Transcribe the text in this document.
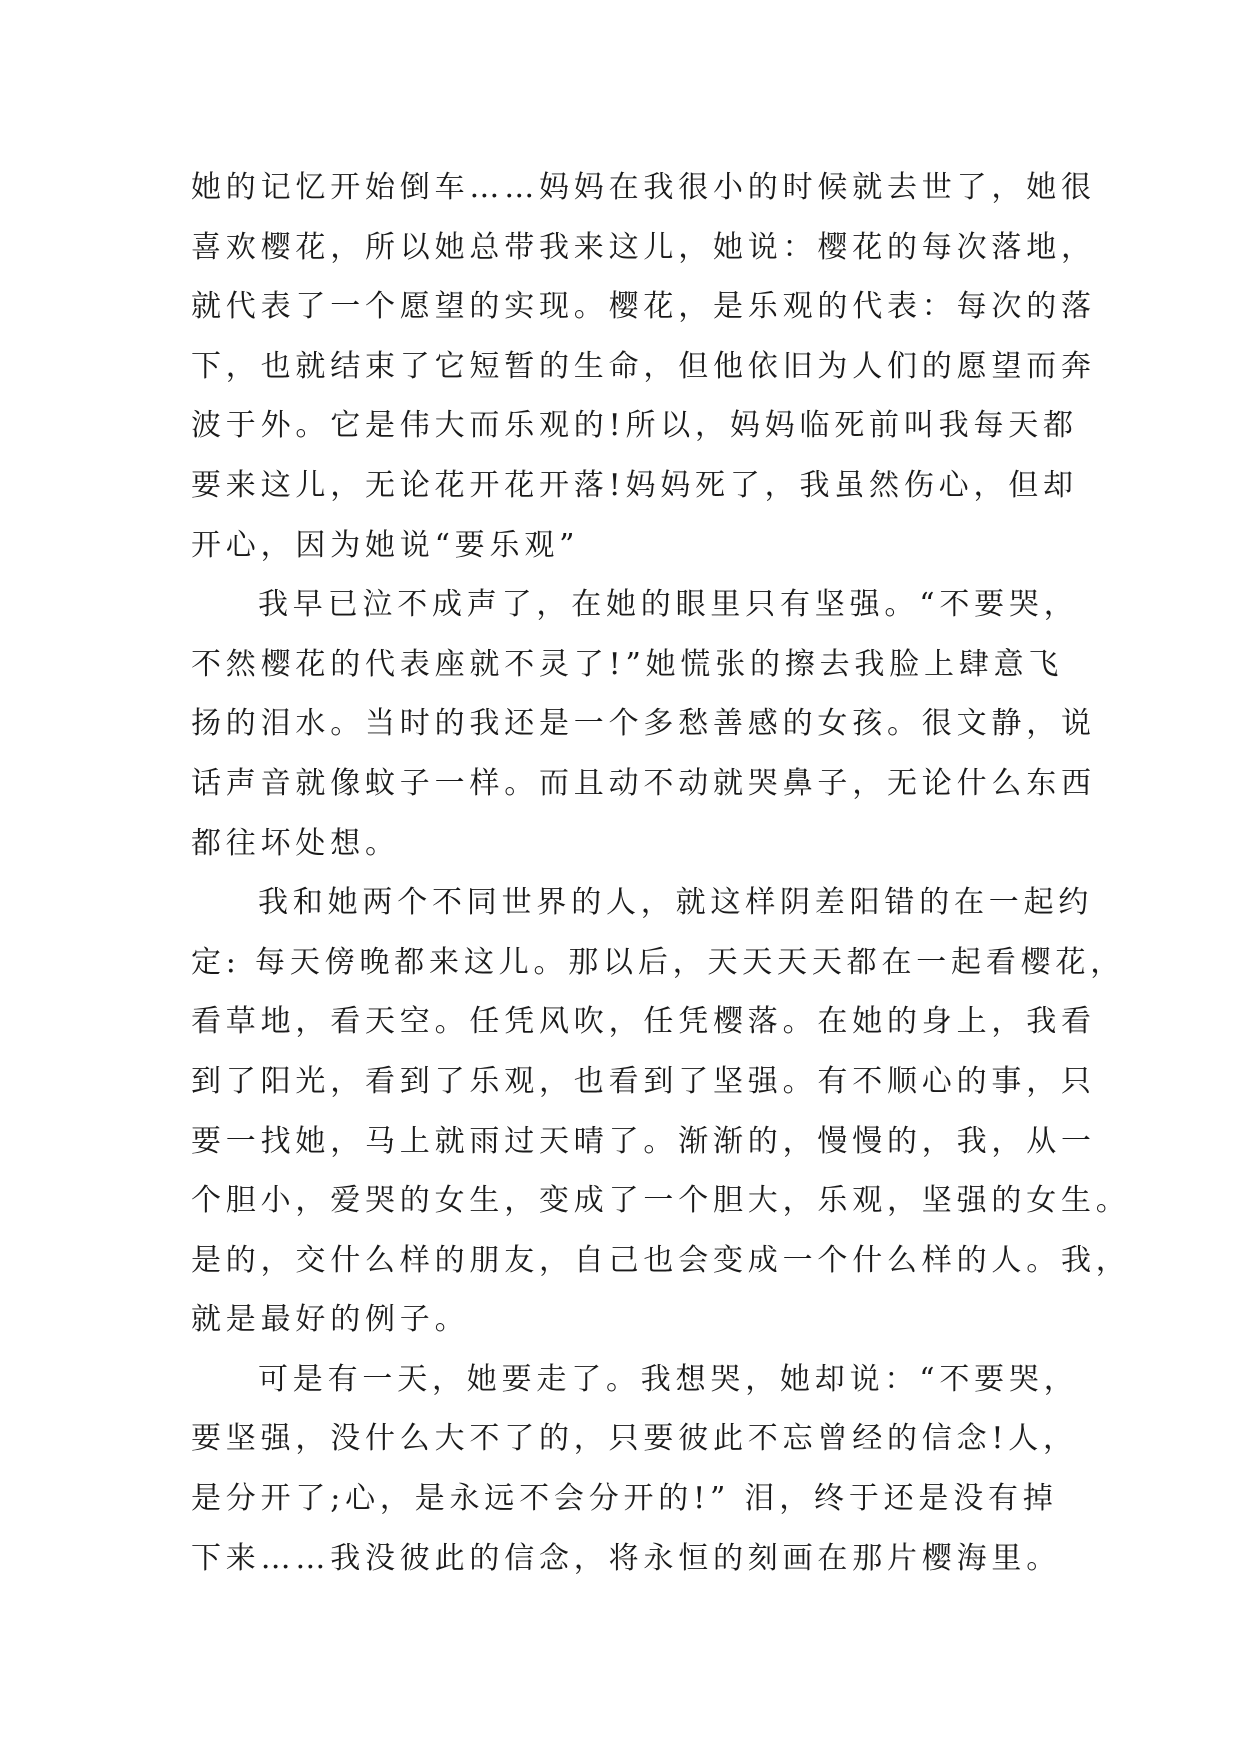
她的记忆开始倒车……妈妈在我很小的时候就去世了，她很
喜欢樱花，所以她总带我来这儿，她说：樱花的每次落地，
就代表了一个愿望的实现。樱花，是乐观的代表：每次的落
下，也就结束了它短暂的生命，但他依旧为人们的愿望而奔
波于外。它是伟大而乐观的!所以，妈妈临死前叫我每天都
要来这儿，无论花开花开落!妈妈死了，我虽然伤心，但却
开心，因为她说“要乐观”
我早已泣不成声了，在她的眼里只有坚强。“不要哭，
不然樱花的代表座就不灵了!”她慌张的擦去我脸上肆意飞
扬的泪水。当时的我还是一个多愁善感的女孩。很文静，说
话声音就像蚊子一样。而且动不动就哭鼻子，无论什么东西
都往坏处想。
我和她两个不同世界的人，就这样阴差阳错的在一起约
定: 每天傍晚都来这儿。那以后，天天天天都在一起看樱花，
看草地，看天空。任凭风吹，任凭樱落。在她的身上，我看
到了阳光，看到了乐观，也看到了坚强。有不顺心的事，只
要一找她，马上就雨过天晴了。渐渐的，慢慢的，我，从一
个胆小，爱哭的女生，变成了一个胆大，乐观，坚强的女生。
是的，交什么样的朋友，自己也会变成一个什么样的人。我，
就是最好的例子。
可是有一天，她要走了。我想哭，她却说：“不要哭，
要坚强，没什么大不了的，只要彼此不忘曾经的信念!人，
是分开了;心，是永远不会分开的!” 泪，终于还是没有掉
下来……我没彼此的信念，将永恒的刻画在那片樱海里。
